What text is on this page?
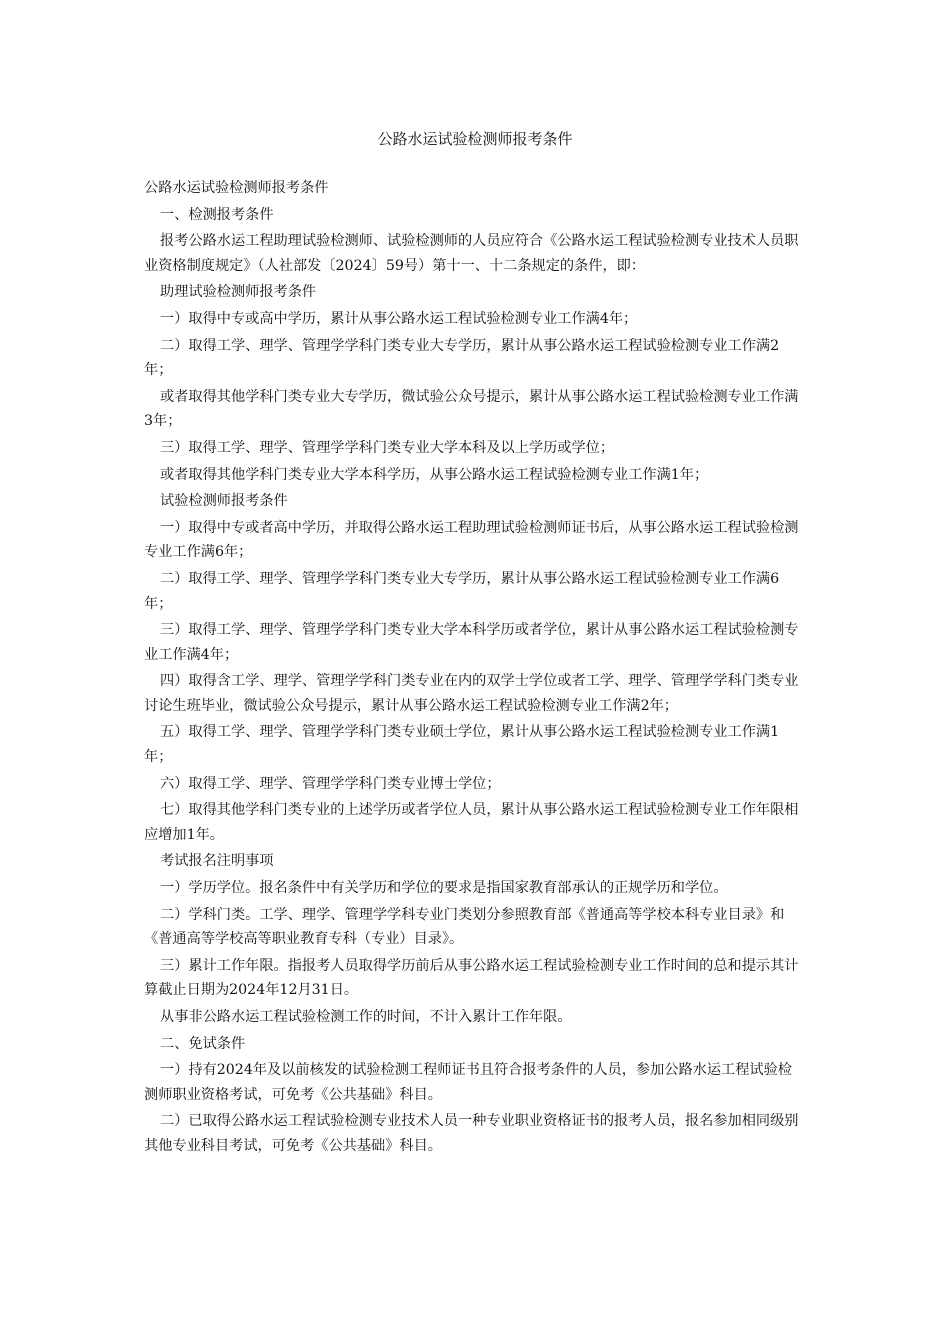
公路水运试验检测师报考条件

公路水运试验检测师报考条件

一、检测报考条件

报考公路水运工程助理试验检测师、试验检测师的人员应符合《公路水运工程试验检测专业技术人员职业资格制度规定》（人社部发〔2024〕59号）第十一、十二条规定的条件，即：

助理试验检测师报考条件

一）取得中专或高中学历，累计从事公路水运工程试验检测专业工作满4年；

二）取得工学、理学、管理学学科门类专业大专学历，累计从事公路水运工程试验检测专业工作满2年；

或者取得其他学科门类专业大专学历，微试验公众号提示，累计从事公路水运工程试验检测专业工作满3年；

三）取得工学、理学、管理学学科门类专业大学本科及以上学历或学位；

或者取得其他学科门类专业大学本科学历，从事公路水运工程试验检测专业工作满1年；

试验检测师报考条件

一）取得中专或者高中学历，并取得公路水运工程助理试验检测师证书后，从事公路水运工程试验检测专业工作满6年；

二）取得工学、理学、管理学学科门类专业大专学历，累计从事公路水运工程试验检测专业工作满6年；

三）取得工学、理学、管理学学科门类专业大学本科学历或者学位，累计从事公路水运工程试验检测专业工作满4年；

四）取得含工学、理学、管理学学科门类专业在内的双学士学位或者工学、理学、管理学学科门类专业讨论生班毕业，微试验公众号提示，累计从事公路水运工程试验检测专业工作满2年；

五）取得工学、理学、管理学学科门类专业硕士学位，累计从事公路水运工程试验检测专业工作满1年；

六）取得工学、理学、管理学学科门类专业博士学位；

七）取得其他学科门类专业的上述学历或者学位人员，累计从事公路水运工程试验检测专业工作年限相应增加1年。

考试报名注明事项

一）学历学位。报名条件中有关学历和学位的要求是指国家教育部承认的正规学历和学位。

二）学科门类。工学、理学、管理学学科专业门类划分参照教育部《普通高等学校本科专业目录》和《普通高等学校高等职业教育专科（专业）目录》。

三）累计工作年限。指报考人员取得学历前后从事公路水运工程试验检测专业工作时间的总和提示其计算截止日期为2024年12月31日。

从事非公路水运工程试验检测工作的时间，不计入累计工作年限。

二、免试条件

一）持有2024年及以前核发的试验检测工程师证书且符合报考条件的人员，参加公路水运工程试验检测师职业资格考试，可免考《公共基础》科目。

二）已取得公路水运工程试验检测专业技术人员一种专业职业资格证书的报考人员，报名参加相同级别其他专业科目考试，可免考《公共基础》科目。
